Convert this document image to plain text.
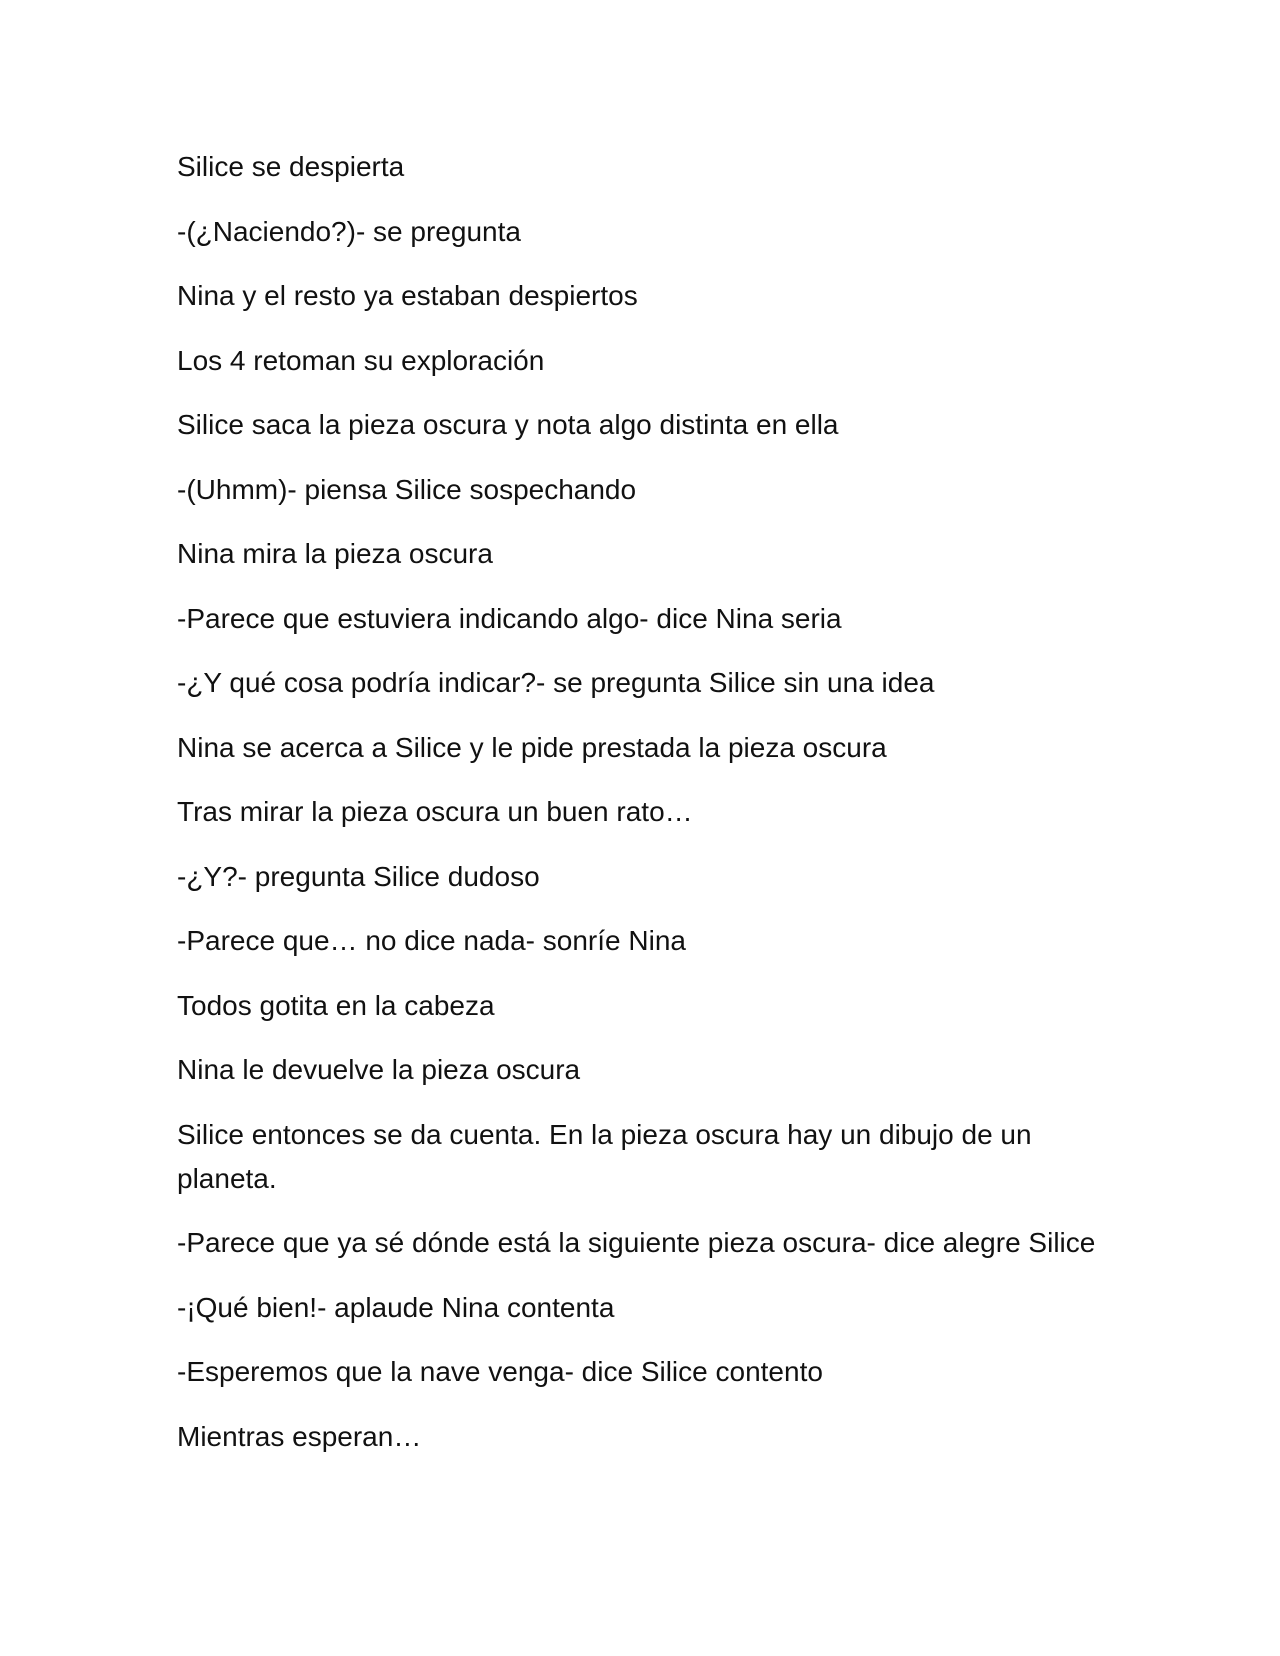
Silice se despierta

-(¿Naciendo?)- se pregunta

Nina y el resto ya estaban despiertos

Los 4 retoman su exploración

Silice saca la pieza oscura y nota algo distinta en ella

-(Uhmm)- piensa Silice sospechando

Nina mira la pieza oscura

-Parece que estuviera indicando algo- dice Nina seria

-¿Y qué cosa podría indicar?- se pregunta Silice sin una idea

Nina se acerca a Silice y le pide prestada la pieza oscura

Tras mirar la pieza oscura un buen rato…

-¿Y?- pregunta Silice dudoso

-Parece que… no dice nada- sonríe Nina

Todos gotita en la cabeza

Nina le devuelve la pieza oscura

Silice entonces se da cuenta. En la pieza oscura hay un dibujo de un planeta.

-Parece que ya sé dónde está la siguiente pieza oscura- dice alegre Silice

-¡Qué bien!- aplaude Nina contenta

-Esperemos que la nave venga- dice Silice contento

Mientras esperan…
